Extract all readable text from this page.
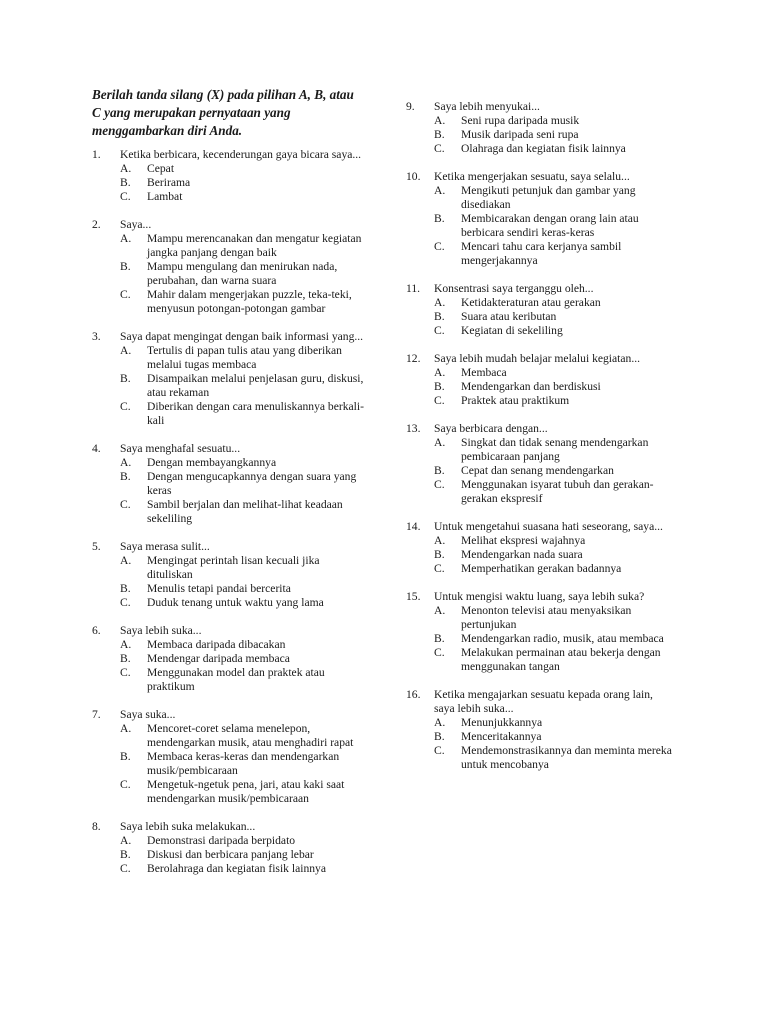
Berilah tanda silang (X) pada pilihan A, B, atau C yang merupakan pernyataan yang menggambarkan diri Anda.

1.	Ketika berbicara, kecenderungan gaya bicara saya...
A.	Cepat
B.	Berirama
C.	Lambat
2.	Saya...
A.	Mampu merencanakan dan mengatur kegiatan jangka panjang dengan baik
B.	Mampu mengulang dan menirukan nada, perubahan, dan warna suara
C.	Mahir dalam mengerjakan puzzle, teka-teki, menyusun potongan-potongan gambar
3.	Saya dapat mengingat dengan baik informasi yang...
A.	Tertulis di papan tulis atau yang diberikan melalui tugas membaca
B.	Disampaikan melalui penjelasan guru, diskusi, atau rekaman
C.	Diberikan dengan cara menuliskannya berkali-kali
4.	Saya menghafal sesuatu...
A.	Dengan membayangkannya
B.	Dengan mengucapkannya dengan suara yang keras
C.	Sambil berjalan dan melihat-lihat keadaan sekeliling
5.	Saya merasa sulit...
A.	Mengingat perintah lisan kecuali jika dituliskan
B.	Menulis tetapi pandai bercerita
C.	Duduk tenang untuk waktu yang lama
6.	Saya lebih suka...
A.	Membaca daripada dibacakan
B.	Mendengar daripada membaca
C.	Menggunakan model dan praktek atau praktikum
7.	Saya suka...
A.	Mencoret-coret selama menelepon, mendengarkan musik, atau menghadiri rapat
B.	Membaca keras-keras dan mendengarkan musik/pembicaraan
C.	Mengetuk-ngetuk pena, jari, atau kaki saat mendengarkan musik/pembicaraan
8.	Saya lebih suka melakukan...
A.	Demonstrasi daripada berpidato
B.	Diskusi dan berbicara panjang lebar
C.	Berolahraga dan kegiatan fisik lainnya
9.	Saya lebih menyukai...
A.	Seni rupa daripada musik
B.	Musik daripada seni rupa
C.	Olahraga dan kegiatan fisik lainnya
10.	Ketika mengerjakan sesuatu, saya selalu...
A.	Mengikuti petunjuk dan gambar yang disediakan
B.	Membicarakan dengan orang lain atau berbicara sendiri keras-keras
C.	Mencari tahu cara kerjanya sambil mengerjakannya
11.	Konsentrasi saya terganggu oleh...
A.	Ketidakteraturan atau gerakan
B.	Suara atau keributan
C.	Kegiatan di sekeliling
12.	Saya lebih mudah belajar melalui kegiatan...
A.	Membaca
B.	Mendengarkan dan berdiskusi
C.	Praktek atau praktikum
13.	Saya berbicara dengan...
A.	Singkat dan tidak senang mendengarkan pembicaraan panjang
B.	Cepat dan senang mendengarkan
C.	Menggunakan isyarat tubuh dan gerakan-gerakan ekspresif
14.	Untuk mengetahui suasana hati seseorang, saya...
A.	Melihat ekspresi wajahnya
B.	Mendengarkan nada suara
C.	Memperhatikan gerakan badannya
15.	Untuk mengisi waktu luang, saya lebih suka?
A.	Menonton televisi atau menyaksikan pertunjukan
B.	Mendengarkan radio, musik, atau membaca
C.	Melakukan permainan atau bekerja dengan menggunakan tangan
16.	Ketika mengajarkan sesuatu kepada orang lain, saya lebih suka...
A.	Menunjukkannya
B.	Menceritakannya
C.	Mendemonstrasikannya dan meminta mereka untuk mencobanya
